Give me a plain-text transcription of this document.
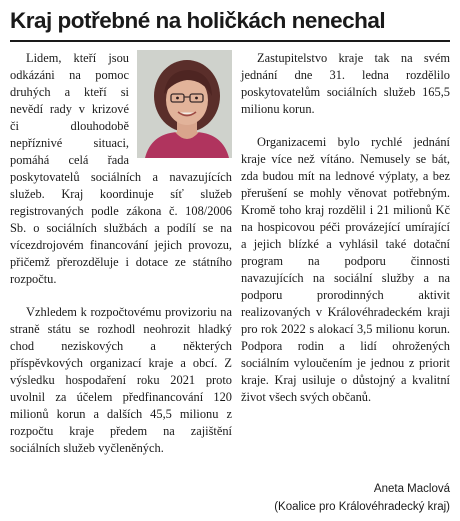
Kraj potřebné na holičkách nenechal

Lidem, kteří jsou odkázáni na pomoc druhých a kteří si nevědí rady v krizové či dlouhodobě nepříznivé situaci, pomáhá celá řada poskytovatelů sociálních a navazujících služeb. Kraj koordinuje síť služeb registrovaných podle zákona č. 108/2006 Sb. o sociálních službách a podílí se na vícezdrojovém financování jejich provozu, přičemž přerozděluje i dotace ze státního rozpočtu.

Vzhledem k rozpočtovému provizoriu na straně státu se rozhodl neohrozit hladký chod neziskových a některých příspěvkových organizací kraje a obcí. Z výsledku hospodaření roku 2021 proto uvolnil za účelem předfinancování 120 milionů korun a dalších 45,5 milionu z rozpočtu kraje předem na zajištění sociálních služeb vyčleněných.

Zastupitelstvo kraje tak na svém jednání dne 31. ledna rozdělilo poskytovatelům sociálních služeb 165,5 milionu korun.

Organizacemi bylo rychlé jednání kraje více než vítáno. Nemusely se bát, zda budou mít na lednové výplaty, a bez přerušení se mohly věnovat potřebným. Kromě toho kraj rozdělil i 21 milionů Kč na hospicovou péči provázející umírající a jejich blízké a vyhlásil také dotační program na podporu činnosti navazujících na sociální služby a na podporu prorodinných aktivit realizovaných v Královéhradeckém kraji pro rok 2022 s alokací 3,5 milionu korun. Podpora rodin a lidí ohrožených sociálním vyloučením je jednou z priorit kraje. Kraj usiluje o důstojný a kvalitní život všech svých občanů.

Aneta Maclová
(Koalice pro Královéhradecký kraj)
